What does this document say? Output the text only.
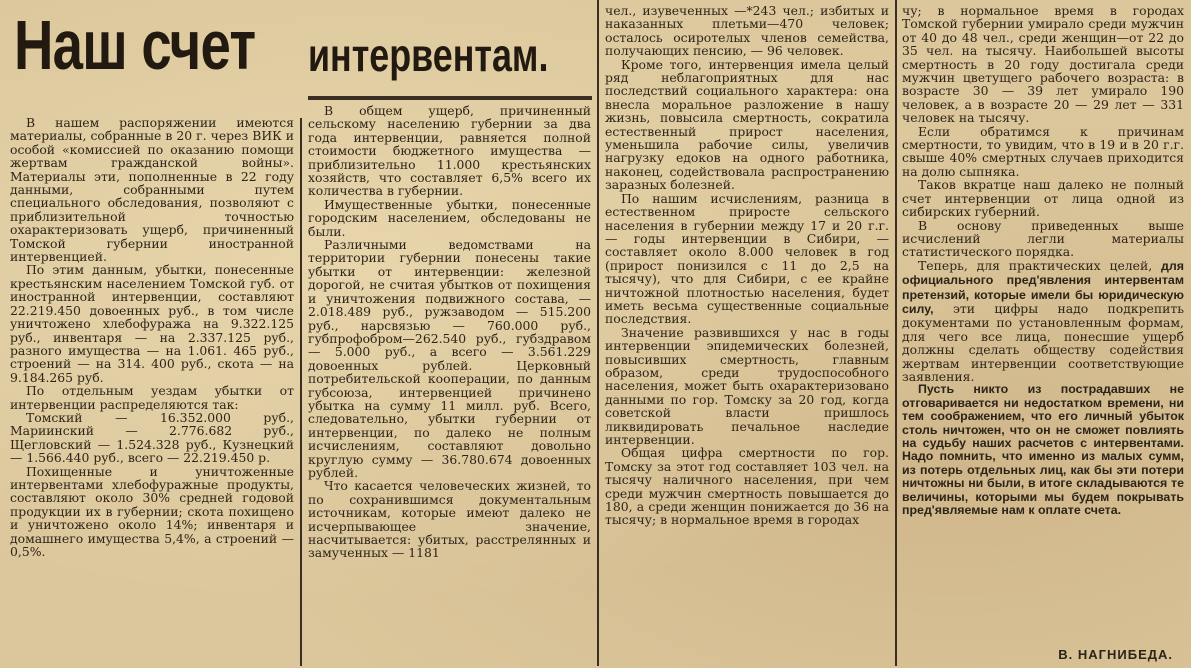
Наш счет интервентам.

В нашем распоряжении имеются материалы, собранные в 20 г. через ВИК и особой «комиссией по оказанию помощи жертвам гражданской войны». Материалы эти, пополненные в 22 году данными, собранными путем специального обследования, позволяют с приблизительной точностью охарактеризовать ущерб, причиненный Томской губернии иностранной интервенцией.

По этим данным, убытки, понесенные крестьянским населением Томской губ. от иностранной интервенции, составляют 22.219.450 довоенных руб., в том числе уничтожено хлебофуража на 9.322.125 руб., инвентаря — на 2.337.125 руб., разного имущества — на 1.061. 465 руб., строений — на 314. 400 руб., скота — на 9.184.265 руб.

По отдельным уездам убытки от интервенции распределяются так:

Томский — 16.352.000 руб., Мариинский — 2.776.682 руб., Щегловский — 1.524.328 руб., Кузнецкий— 1.566.440 руб., всего — 22.219.450 р.

Похищенные и уничтоженные интервентами хлебофуражные продукты, составляют около 30% средней годовой продукции их в губернии; скота похищено и уничтожено около 14%; инвентаря и домашнего имущества 5,4%, а строений — 0,5%.

В общем ущерб, причиненный сельскому населению губернии за два года интервенции, равняется полной стоимости бюджетного имущества — приблизительно 11.000 крестьянских хозяйств, что составляет 6,5% всего их количества в губернии.

Имущественные убытки, понесенные городским населением, обследованы не были.

Различными ведомствами на территории губернии понесены такие убытки от интервенции: железной дорогой, не считая убытков от похищения и уничтожения подвижного состава, — 2.018.489 руб., ружзаводом — 515.200 руб., нарсвязью — 760.000 руб., губпрофобром—262.540 руб., губздравом — 5.000 руб., а всего — 3.561.229 довоенных рублей. Церковный потребительской кооперации, по данным губсоюза, интервенцией причинено убытка на сумму 11 милл. руб. Всего, следовательно, убытки губернии от интервенции, по далеко не полным исчислениям, составляют довольно круглую сумму — 36.780.674 довоенных рублей.

Что касается человеческих жизней, то по сохранившимся документальным источникам, которые имеют далеко не исчерпывающее значение, насчитывается: убитых, расстрелянных и замученных — 1181

чел., изувеченных —*243 чел.; избитых и наказанных плетьми—470 человек; осталось осиротелых членов семейства, получающих пенсию, — 96 человек.

Кроме того, интервенция имела целый ряд неблагоприятных для нас последствий социального характера: она внесла моральное разложение в нашу жизнь, повысила смертность, сократила естественный прирост населения, уменьшила рабочие силы, увеличив нагрузку едоков на одного работника, наконец, содействовала распространению заразных болезней.

По нашим исчислениям, разница в естественном приросте сельского населения в губернии между 17 и 20 г.г. — годы интервенции в Сибири, — составляет около 8.000 человек в год (прирост понизился с 11 до 2,5 на тысячу), что для Сибири, с ее крайне ничтожной плотностью населения, будет иметь весьма существенные социальные последствия.

Значение развившихся у нас в годы интервенции эпидемических болезней, повысивших смертность, главным образом, среди трудоспособного населения, может быть охарактеризовано данными по гор. Томску за 20 год, когда советской власти пришлось ликвидировать печальное наследие интервенции.

Общая цифра смертности по гор. Томску за этот год составляет 103 чел. на тысячу наличного населения, при чем среди мужчин смертность повышается до 180, а среди женщин понижается до 36 на тысячу; в нормальное время в городах

чу; в нормальное время в городах Томской губернии умирало среди мужчин от 40 до 48 чел., среди женщин—от 22 до 35 чел. на тысячу. Наибольшей высоты смертность в 20 году достигала среди мужчин цветущего рабочего возраста: в возрасте 30 — 39 лет умирало 190 человек, а в возрасте 20 — 29 лет — 331 человек на тысячу.

Если обратимся к причинам смертности, то увидим, что в 19 и в 20 г.г. свыше 40% смертных случаев приходится на долю сыпняка.

Таков вкратце наш далеко не полный счет интервенции от лица одной из сибирских губерний.

В основу приведенных выше исчислений легли материалы статистического порядка.

Теперь, для практических целей, для официального пред'явления интервентам претензий, которые имели бы юридическую силу, эти цифры надо подкрепить документами по установленным формам, для чего все лица, понесшие ущерб должны сделать обществу содействия жертвам интервенции соответствующие заявления.

Пусть никто из пострадавших не отговаривается ни недостатком времени, ни тем соображением, что его личный убыток столь ничтожен, что он не сможет повлиять на судьбу наших расчетов с интервентами. Надо помнить, что именно из малых сумм, из потерь отдельных лиц, как бы эти потери ничтожны ни были, в итоге складываются те величины, которыми мы будем покрывать пред'являемые нам к оплате счета.

В. НАГНИБЕДА.
